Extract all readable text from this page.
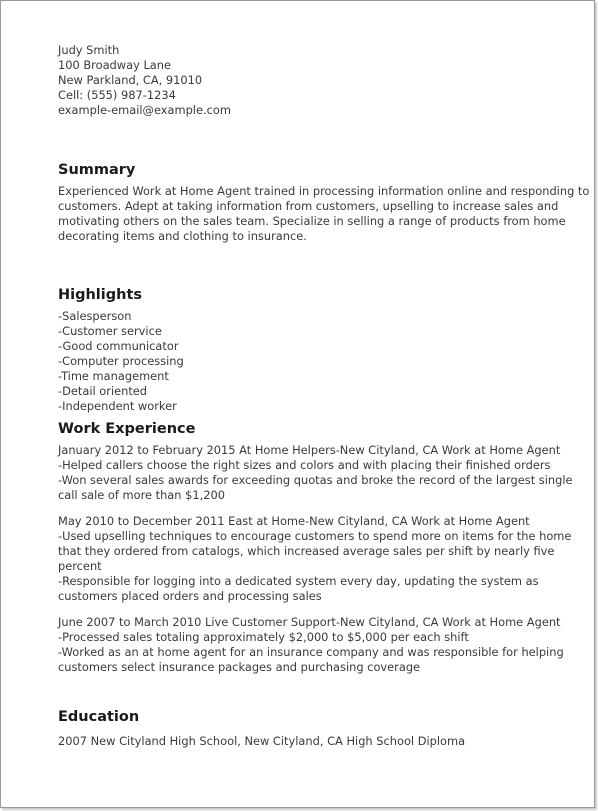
Judy Smith
100 Broadway Lane
New Parkland, CA, 91010
Cell: (555) 987-1234
example-email@example.com
Summary

Experienced Work at Home Agent trained in processing information online and responding to customers. Adept at taking information from customers, upselling to increase sales and motivating others on the sales team. Specialize in selling a range of products from home decorating items and clothing to insurance.

Highlights
-Salesperson
-Customer service
-Good communicator
-Computer processing
-Time management
-Detail oriented
-Independent worker
Work Experience
January 2012 to February 2015 At Home Helpers-New Cityland, CA Work at Home Agent
-Helped callers choose the right sizes and colors and with placing their finished orders
-Won several sales awards for exceeding quotas and broke the record of the largest single call sale of more than $1,200
May 2010 to December 2011 East at Home-New Cityland, CA Work at Home Agent
-Used upselling techniques to encourage customers to spend more on items for the home that they ordered from catalogs, which increased average sales per shift by nearly five percent
-Responsible for logging into a dedicated system every day, updating the system as customers placed orders and processing sales
June 2007 to March 2010 Live Customer Support-New Cityland, CA Work at Home Agent
-Processed sales totaling approximately $2,000 to $5,000 per each shift
-Worked as an at home agent for an insurance company and was responsible for helping customers select insurance packages and purchasing coverage
Education

2007 New Cityland High School, New Cityland, CA High School Diploma
